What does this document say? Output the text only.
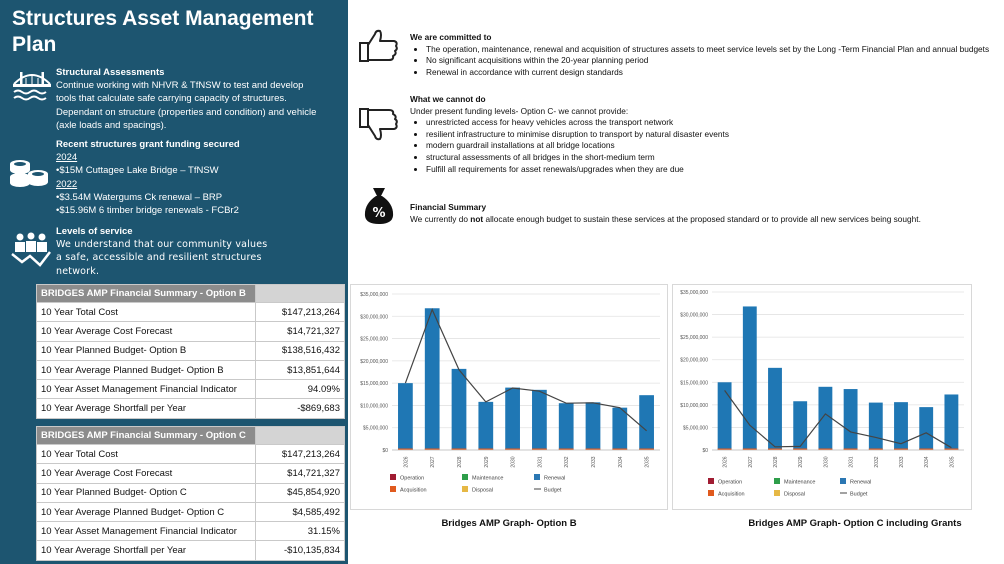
Structures Asset Management Plan
Structural Assessments
Continue working with NHVR & TfNSW to test and develop tools that calculate safe carrying capacity of structures. Dependant on structure (properties and condition) and vehicle (axle loads and spacings).
Recent structures grant funding secured
2024
•$15M Cuttagee Lake Bridge – TfNSW
2022
•$3.54M Watergums Ck renewal – BRP
•$15.96M 6 timber bridge renewals - FCBr2
Levels of service
We understand that our community values a safe, accessible and resilient structures network.
BRIDGES AMP Financial Summary - Option B	
10 Year Total Cost	$147,213,264
10 Year Average Cost Forecast	$14,721,327
10 Year Planned Budget- Option B	$138,516,432
10 Year Average Planned Budget- Option B	$13,851,644
10 Year Asset Management Financial Indicator	94.09%
10 Year Average Shortfall per Year	-$869,683
BRIDGES AMP Financial Summary - Option C	
10 Year Total Cost	$147,213,264
10 Year Average Cost Forecast	$14,721,327
10 Year Planned Budget- Option C	$45,854,920
10 Year Average Planned Budget- Option C	$4,585,492
10 Year Asset Management Financial Indicator	31.15%
10 Year Average Shortfall per Year	-$10,135,834
%
We are committed to
• The operation, maintenance, renewal and acquisition of structures assets to meet service levels set by the Long -Term Financial Plan and annual budgets
• No significant acquisitions within the 20-year planning period
• Renewal in accordance with current design standards
What we cannot do
Under present funding levels- Option C- we cannot provide:
• unrestricted access for heavy vehicles across the transport network
• resilient infrastructure to minimise disruption to transport by natural disaster events
• modern guardrail installations at all bridge locations
• structural assessments of all bridges in the short-medium term
• Fulfill all requirements for asset renewals/upgrades when they are due
Financial Summary
We currently do not allocate enough budget to sustain these services at the proposed standard or to provide all new services being sought.
$0
$5,000,000
$10,000,000
$15,000,000
$20,000,000
$25,000,000
$30,000,000
$35,000,000
2026	2027	2028	2029	2030	2031	2032	2033	2034	2035
Operation	Maintenance	Renewal
Acquisition	Disposal	Budget
Bridges AMP Graph- Option B
$0
$5,000,000
$10,000,000
$15,000,000
$20,000,000
$25,000,000
$30,000,000
$35,000,000
2026	2027	2028	2029	2030	2031	2032	2033	2034	2035
Operation	Maintenance	Renewal
Acquisition	Disposal	Budget
Bridges AMP Graph- Option C including Grants
